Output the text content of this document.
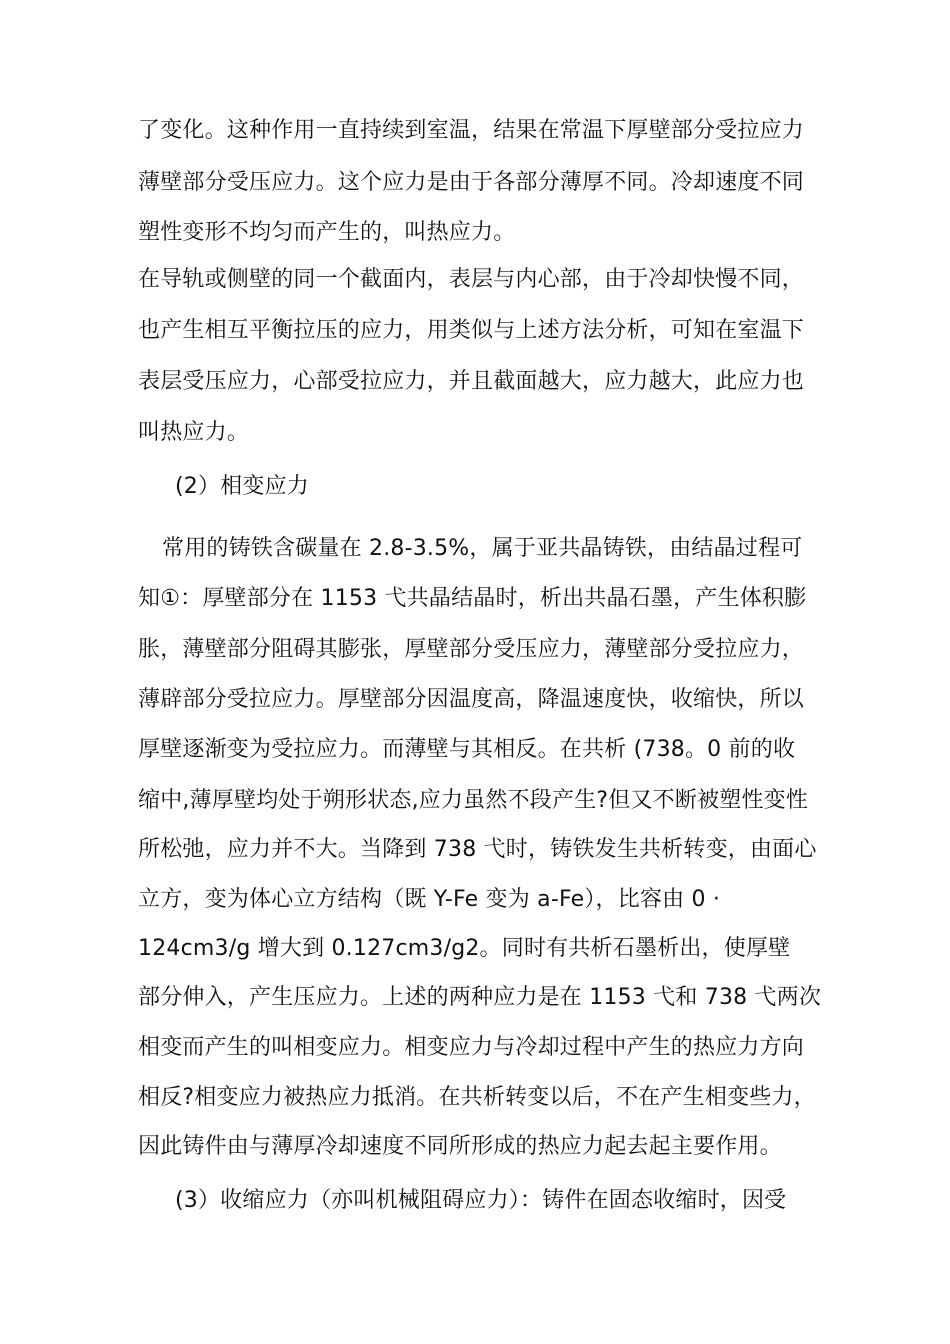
了变化。这种作用一直持续到室温，结果在常温下厚壁部分受拉应力
薄壁部分受压应力。这个应力是由于各部分薄厚不同。冷却速度不同
塑性变形不均匀而产生的，叫热应力。
在导轨或侧壁的同一个截面内，表层与内心部，由于冷却快慢不同，
也产生相互平衡拉压的应力，用类似与上述方法分析，可知在室温下
表层受压应力，心部受拉应力，并且截面越大，应力越大，此应力也
叫热应力。
(2）相变应力
常用的铸铁含碳量在 2.8-3.5%，属于亚共晶铸铁，由结晶过程可
知①：厚壁部分在 1153 弋共晶结晶时，析出共晶石墨，产生体积膨
胀，薄壁部分阻碍其膨张，厚壁部分受压应力，薄壁部分受拉应力，
薄辟部分受拉应力。厚壁部分因温度高，降温速度快，收缩快，所以
厚壁逐渐变为受拉应力。而薄壁与其相反。在共析 (738。0 前的收
缩中,薄厚壁均处于朔形状态,应力虽然不段产生?但又不断被塑性变性
所松弛，应力并不大。当降到 738 弋时，铸铁发生共析转变，由面心
立方，变为体心立方结构（既 Y-Fe 变为 a-Fe），比容由 0 ·
124cm3/g 增大到 0.127cm3/g2。同时有共析石墨析出，使厚壁
部分伸入，产生压应力。上述的两种应力是在 1153 弋和 738 弋两次
相变而产生的叫相变应力。相变应力与冷却过程中产生的热应力方向
相反?相变应力被热应力抵消。在共析转变以后，不在产生相变些力，
因此铸件由与薄厚冷却速度不同所形成的热应力起去起主要作用。
(3）收缩应力（亦叫机械阻碍应力）：铸件在固态收缩时，因受
